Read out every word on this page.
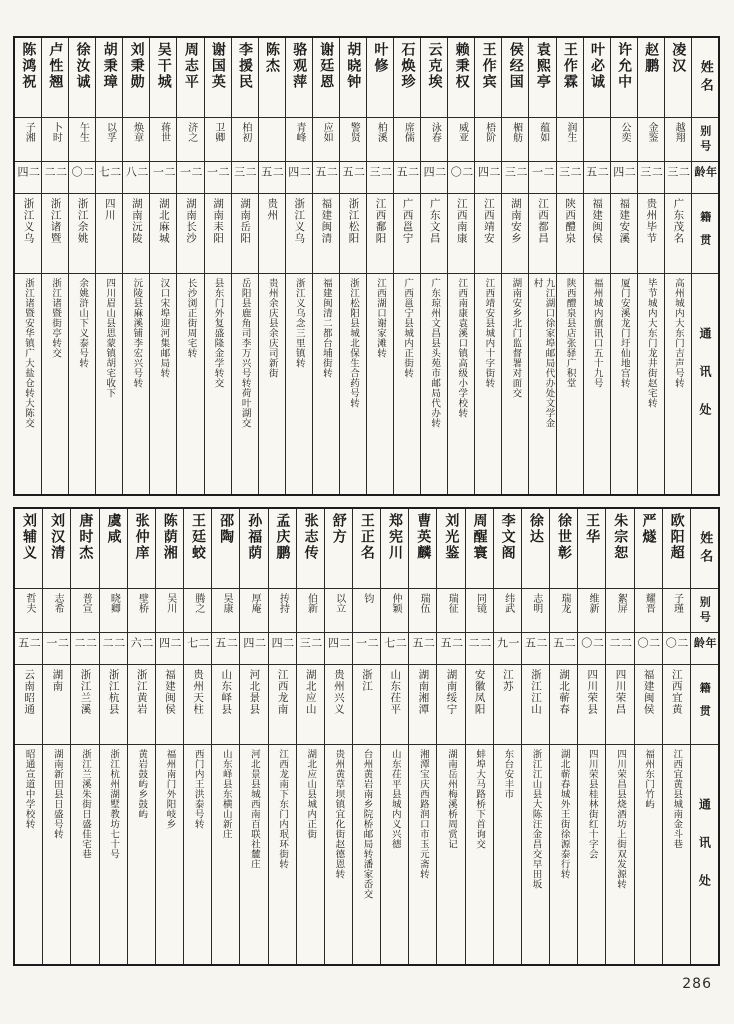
姓名
别号
年龄
籍贯
通讯处
凌汉
越翔
二三
广东茂名
高州城内大东门吉声号转
赵鹏
金鉴
二三
贵州毕节
毕节城内大东门龙井街赵宅转
许允中
公奕
二四
福建安溪
厦门安溪龙门圩仙地宫转
叶必诚
二五
福建闽侯
福州城内旗讯口五十九号
王作霖
润生
二三
陕西醴泉
陕西醴泉县店张驿广积堂
袁熙亭
蕴如
二一
江西都昌
九江湖口徐家埠邮局代办处文学金村
侯经国
楣舫
二三
湖南安乡
湖南安乡北门监督署对面交
王作宾
梧阶
二四
江西靖安
江西靖安县城内十字街转
赖秉权
威亚
二〇
江西南康
江西南康袁溪口镇高级小学校转
云克埃
泳春
二四
广东文昌
广东琼州文昌县头苑市邮局代办转
石焕珍
席儒
二五
广西邕宁
广西邕宁县城内正街转
叶修
柏溪
二三
江西鄱阳
江西湖口谢家滩转
胡晓钟
警贤
二五
浙江松阳
浙江松阳县城北保生合药号转
谢廷恩
应如
二五
福建闽清
福建闽清二都台埔街转
骆观萍
青峰
二四
浙江义乌
浙江义乌念三里镇转
陈杰
二五
贵州
贵州余庆县余庆司新街
李援民
柏初
二三
湖南岳阳
岳阳县鹿角司李万兴号转荷叶湖交
谢国英
卫卿
二一
湖南耒阳
县东门外复盛隆金学转交
周志平
济之
二一
湖南长沙
长沙浏正街周宅转
吴干城
蒋世
二一
湖北麻城
汉口宋埠迎河集邮局转
刘秉勋
焕章
二八
湖南沅陵
沅陵县麻溪铺李宏兴号转
胡秉璋
以孚
二七
四川
四川眉山县思蒙镇胡宅收下
徐汝诚
午生
二〇
浙江余姚
余姚浒山下义泰号转
卢性翘
卜时
二二
浙江诸暨
浙江诸暨街亭转交
陈鸿祝
子湘
二四
浙江义乌
浙江诸暨安华镇广大盐仓转大陈交
姓名
别号
年龄
籍贯
通讯处
欧阳超
子瑾
二〇
江西宜黄
江西宜黄县城南金斗巷
严燧
耀晋
二〇
福建闽侯
福州东门竹屿
朱宗恕
絮屏
二二
四川荣昌
四川荣昌县烧酒坊上街双发源转
王华
维新
二〇
四川荣县
四川荣县桂林街红十字会
徐世彰
瑞龙
二五
湖北蕲春
湖北蕲春城外王街徐源泰行转
徐达
志明
二五
浙江江山
浙江江山县大陈汪金昌交早田坂
李文阁
纬武
一九
江苏
东台安丰市
周醒寰
同镜
二二
安徽凤阳
蚌埠大马路桥下首询交
刘光鉴
瑞征
二五
湖南绥宁
湖南岳州梅溪桥周赏记
曹英麟
瑞伍
二五
湖南湘潭
湘潭宝庆西路润口市玉元斋转
郑宪川
仲颖
二七
山东茌平
山东茌平县城内义兴德
王正名
钧
二一
浙江
台州黄岩南乡院桥邮局转潘家岙交
舒方
以立
二四
贵州兴义
贵州黄草坝镇宜化街赵德恩转
张志传
伯新
二三
湖北应山
湖北应山县城内正街
孟庆鹏
抟持
二四
江西龙南
江西龙南下东门内珉环街转
孙福荫
厚庵
二四
河北景县
河北景县城西南百联社麓庄
邵陶
昊康
二五
山东峄县
山东峄县东横山新庄
王廷蛟
腾之
二七
贵州天柱
西门内王洪泰号转
陈荫湘
吴川
二四
福建闽侯
福州南门外阳岐乡
张仲庠
壁桥
二六
浙江黄岩
黄岩鼓屿乡鼓屿
虞咸
晓卿
二二
浙江杭县
浙江杭州湖墅教坊七十号
唐时杰
普宣
二二
浙江兰溪
浙江兰溪朱街日盛佳宅巷
刘汉清
志希
二一
湖南
湖南新田县日盛号转
刘辅义
哲夫
二五
云南昭通
昭通宣道中学校转
286
